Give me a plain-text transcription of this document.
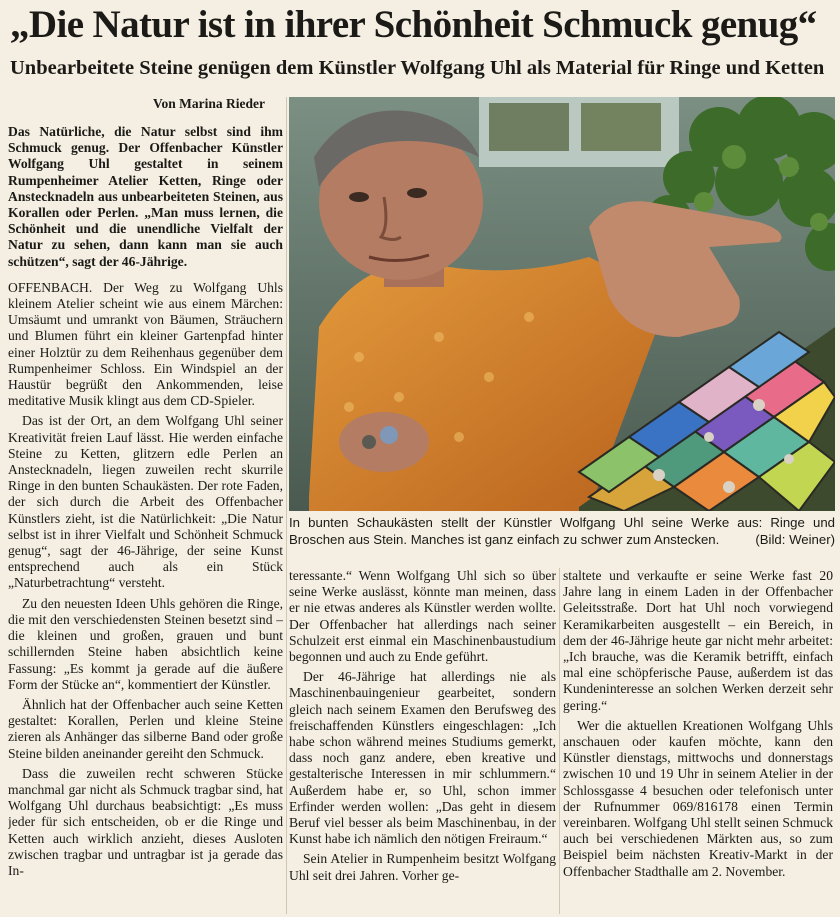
„Die Natur ist in ihrer Schönheit Schmuck genug“
Unbearbeitete Steine genügen dem Künstler Wolfgang Uhl als Material für Ringe und Ketten
Von Marina Rieder

Das Natürliche, die Natur selbst sind ihm Schmuck genug. Der Offenbacher Künstler Wolfgang Uhl gestaltet in seinem Rumpenheimer Atelier Ketten, Ringe oder Anstecknadeln aus unbearbeiteten Steinen, aus Korallen oder Perlen. „Man muss lernen, die Schönheit und die unendliche Vielfalt der Natur zu sehen, dann kann man sie auch schützen“, sagt der 46-Jährige.

OFFENBACH. Der Weg zu Wolfgang Uhls kleinem Atelier scheint wie aus einem Märchen: Umsäumt und umrankt von Bäumen, Sträuchern und Blumen führt ein kleiner Gartenpfad hinter einer Holztür zu dem Reihenhaus gegenüber dem Rumpenheimer Schloss. Ein Windspiel an der Haustür begrüßt den Ankommenden, leise meditative Musik klingt aus dem CD-Spieler.

Das ist der Ort, an dem Wolfgang Uhl seiner Kreativität freien Lauf lässt. Hie werden einfache Steine zu Ketten, glitzern edle Perlen an Anstecknadeln, liegen zuweilen recht skurrile Ringe in den bunten Schaukästen. Der rote Faden, der sich durch die Arbeit des Offenbacher Künstlers zieht, ist die Natürlichkeit: „Die Natur selbst ist in ihrer Vielfalt und Schönheit Schmuck genug“, sagt der 46-Jährige, der seine Kunst entsprechend auch als ein Stück „Naturbetrachtung“ versteht.

Zu den neuesten Ideen Uhls gehören die Ringe, die mit den verschiedensten Steinen besetzt sind – die kleinen und großen, grauen und bunt schillernden Steine haben absichtlich keine Fassung: „Es kommt ja gerade auf die äußere Form der Stücke an“, kommentiert der Künstler.

Ähnlich hat der Offenbacher auch seine Ketten gestaltet: Korallen, Perlen und kleine Steine zieren als Anhänger das silberne Band oder große Steine bilden aneinander gereiht den Schmuck.

Dass die zuweilen recht schweren Stücke manchmal gar nicht als Schmuck tragbar sind, hat Wolfgang Uhl durchaus beabsichtigt: „Es muss jeder für sich entscheiden, ob er die Ringe und Ketten auch wirklich anzieht, dieses Ausloten zwischen tragbar und untragbar ist ja gerade das In-

In bunten Schaukästen stellt der Künstler Wolfgang Uhl seine Werke aus: Ringe und Broschen aus Stein. Manches ist ganz einfach zu schwer zum Anstecken.	(Bild: Weiner)

teressante.“ Wenn Wolfgang Uhl sich so über seine Werke auslässt, könnte man meinen, dass er nie etwas anderes als Künstler werden wollte. Der Offenbacher hat allerdings nach seiner Schulzeit erst einmal ein Maschinenbaustudium begonnen und auch zu Ende geführt.

Der 46-Jährige hat allerdings nie als Maschinenbauingenieur gearbeitet, sondern gleich nach seinem Examen den Berufsweg des freischaffenden Künstlers eingeschlagen: „Ich habe schon während meines Studiums gemerkt, dass noch ganz andere, eben kreative und gestalterische Interessen in mir schlummern.“ Außerdem habe er, so Uhl, schon immer Erfinder werden wollen: „Das geht in diesem Beruf viel besser als beim Maschinenbau, in der Kunst habe ich nämlich den nötigen Freiraum.“

Sein Atelier in Rumpenheim besitzt Wolfgang Uhl seit drei Jahren. Vorher ge-

staltete und verkaufte er seine Werke fast 20 Jahre lang in einem Laden in der Offenbacher Geleitsstraße. Dort hat Uhl noch vorwiegend Keramikarbeiten ausgestellt – ein Bereich, in dem der 46-Jährige heute gar nicht mehr arbeitet: „Ich brauche, was die Keramik betrifft, einfach mal eine schöpferische Pause, außerdem ist das Kundeninteresse an solchen Werken derzeit sehr gering.“

Wer die aktuellen Kreationen Wolfgang Uhls anschauen oder kaufen möchte, kann den Künstler dienstags, mittwochs und donnerstags zwischen 10 und 19 Uhr in seinem Atelier in der Schlossgasse 4 besuchen oder telefonisch unter der Rufnummer 069/816178 einen Termin vereinbaren. Wolfgang Uhl stellt seinen Schmuck auch bei verschiedenen Märkten aus, so zum Beispiel beim nächsten Kreativ-Markt in der Offenbacher Stadthalle am 2. November.
